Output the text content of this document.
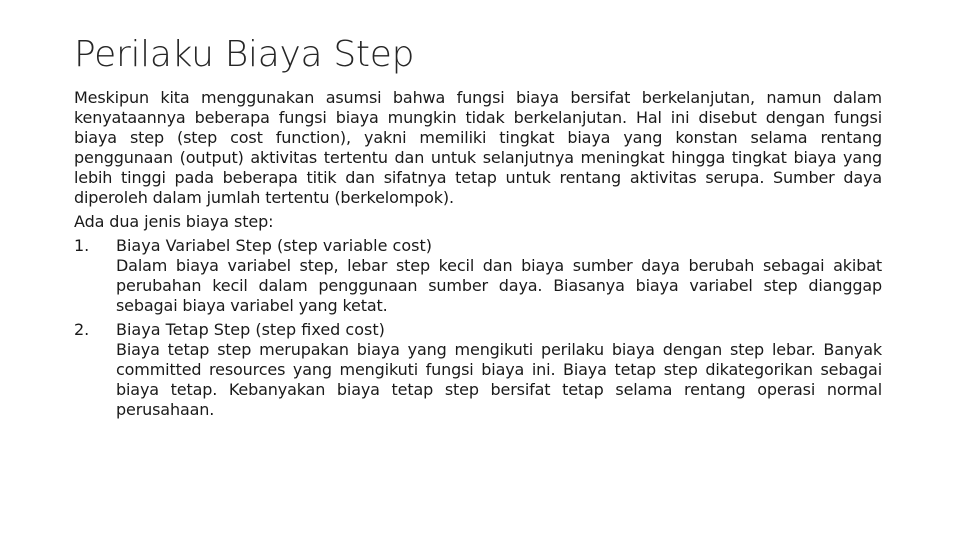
Perilaku Biaya Step

Meskipun kita menggunakan asumsi bahwa fungsi biaya bersifat berkelanjutan, namun dalam kenyataannya beberapa fungsi biaya mungkin tidak berkelanjutan. Hal ini disebut dengan fungsi biaya step (step cost function), yakni memiliki tingkat biaya yang konstan selama rentang penggunaan (output) aktivitas tertentu dan untuk selanjutnya meningkat hingga tingkat biaya yang lebih tinggi pada beberapa titik dan sifatnya tetap untuk rentang aktivitas serupa. Sumber daya diperoleh dalam jumlah tertentu (berkelompok).

Ada dua jenis biaya step:
1.	Biaya Variabel Step (step variable cost)
Dalam biaya variabel step, lebar step kecil dan biaya sumber daya berubah sebagai akibat perubahan kecil dalam penggunaan sumber daya. Biasanya biaya variabel step dianggap sebagai biaya variabel yang ketat.
2.	Biaya Tetap Step (step fixed cost)
Biaya tetap step merupakan biaya yang mengikuti perilaku biaya dengan step lebar. Banyak committed resources yang mengikuti fungsi biaya ini. Biaya tetap step dikategorikan sebagai biaya tetap. Kebanyakan biaya tetap step bersifat tetap selama rentang operasi normal perusahaan.
